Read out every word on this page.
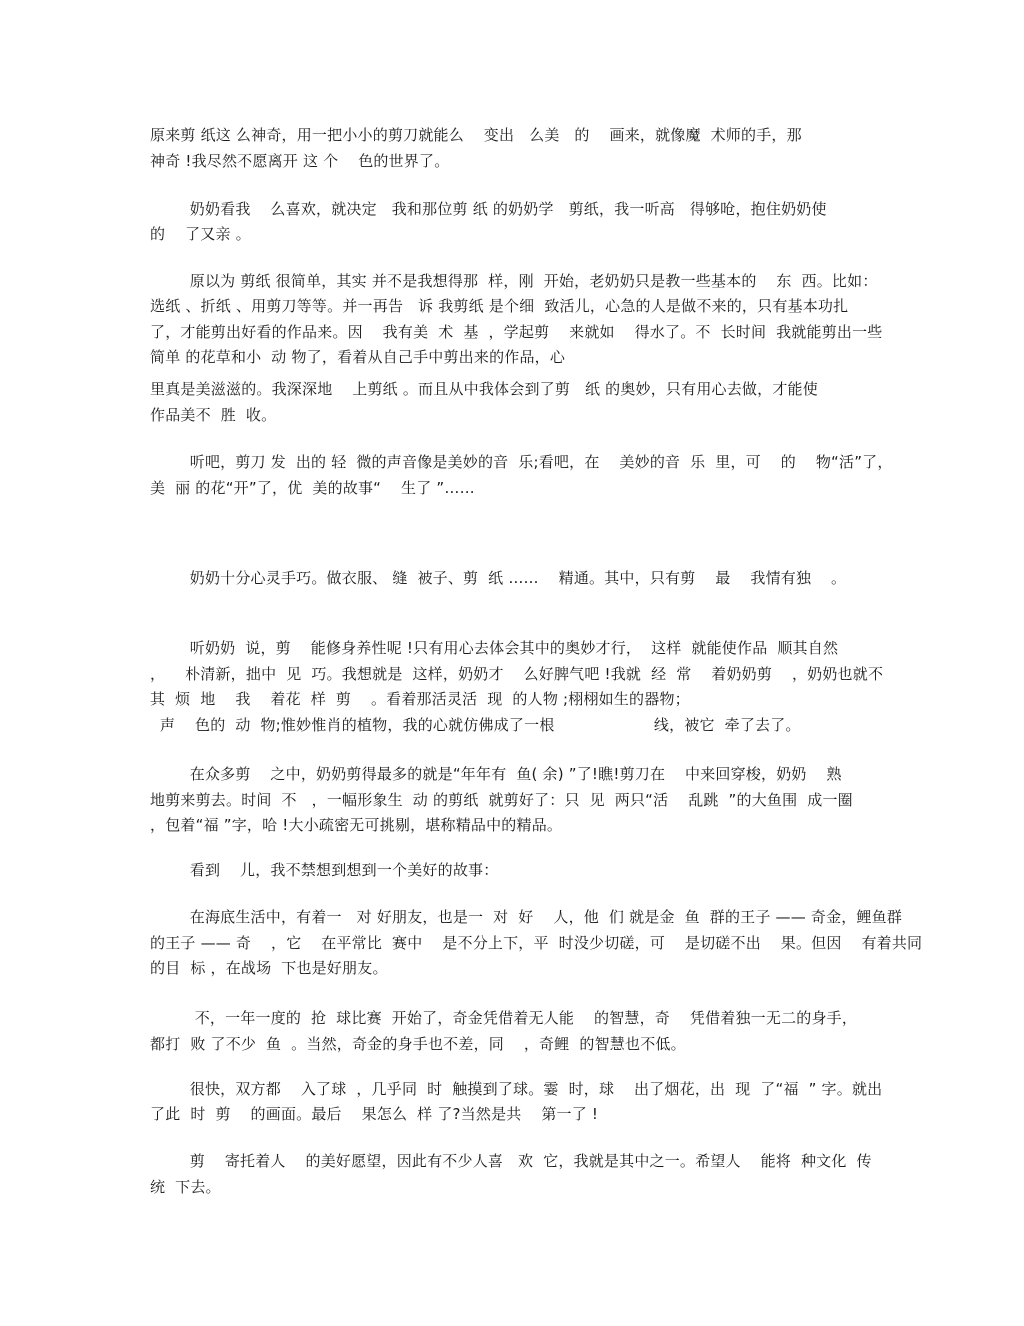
原来剪 纸这 么神奇，用一把小小的剪刀就能么    变出   么美   的    画来，就像魔  术师的手，那
神奇 !我尽然不愿离开 这 个    色的世界了。
奶奶看我    么喜欢，就决定   我和那位剪 纸 的奶奶学   剪纸，我一听高   得够呛，抱住奶奶使
的    了又亲 。
原以为 剪纸 很简单，其实 并不是我想得那  样，刚  开始，老奶奶只是教一些基本的    东  西。比如：
选纸 、折纸 、用剪刀等等。并一再告   诉 我剪纸 是个细  致活儿，心急的人是做不来的，只有基本功扎
了，才能剪出好看的作品来。因    我有美  术  基  ，学起剪    来就如    得水了。不  长时间  我就能剪出一些
简单 的花草和小  动 物了，看着从自己手中剪出来的作品，心
里真是美滋滋的。我深深地    上剪纸 。而且从中我体会到了剪   纸 的奥妙，只有用心去做，才能使
作品美不  胜  收。
听吧，剪刀 发  出的 轻  微的声音像是美妙的音  乐;看吧，在    美妙的音  乐  里，可    的    物“活”了，
美  丽 的花“开”了，优  美的故事“    生了 ”……
奶奶十分心灵手巧。做衣服、 缝  被子、剪  纸 ……    精通。其中，只有剪    最    我情有独    。
听奶奶  说，剪    能修身养性呢 !只有用心去体会其中的奥妙才行，  这样  就能使作品  顺其自然
，    朴清新，拙中  见  巧。我想就是  这样，奶奶才    么好脾气吧 !我就  经  常    着奶奶剪    ，奶奶也就不
其  烦  地    我    着花  样  剪    。看着那活灵活  现  的人物 ;栩栩如生的器物；
声    色的  动  物;惟妙惟肖的植物，我的心就仿佛成了一根                    线，被它  牵了去了。
在众多剪    之中，奶奶剪得最多的就是“年年有  鱼( 余) ”了!瞧!剪刀在    中来回穿梭，奶奶    熟
地剪来剪去。时间  不   ，一幅形象生  动 的剪纸  就剪好了：只  见  两只“活    乱跳  ”的大鱼围  成一圈
，包着“福 ”字，哈 !大小疏密无可挑剔，堪称精品中的精品。
看到    儿，我不禁想到想到一个美好的故事：
在海底生活中，有着一   对 好朋友，也是一  对  好    人，他  们 就是金  鱼  群的王子 —— 奇金，鲤鱼群
的王子 —— 奇    ，它    在平常比  赛中    是不分上下，平  时没少切磋，可    是切磋不出    果。但因    有着共同
的目  标 ，在战场  下也是好朋友。
不，一年一度的  抢  球比赛  开始了，奇金凭借着无人能    的智慧，奇    凭借着独一无二的身手，
都打  败 了不少  鱼  。当然，奇金的身手也不差，同    ，奇鲤  的智慧也不低。
很快，双方都    入了球  ，几乎同  时  触摸到了球。霎  时，球    出了烟花，出  现  了“福  ” 字。就出
了此  时  剪    的画面。最后    果怎么  样 了?当然是共    第一了 !
剪    寄托着人    的美好愿望，因此有不少人喜   欢  它，我就是其中之一。希望人    能将  种文化  传
统  下去。
